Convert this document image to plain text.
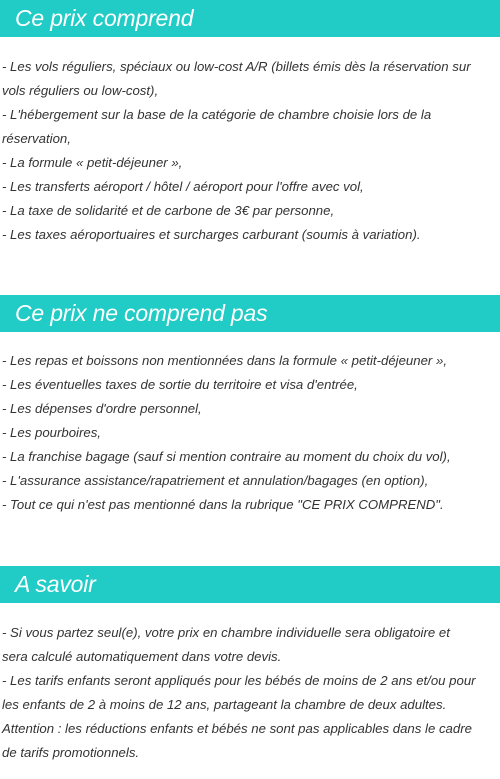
Ce prix comprend

- Les vols réguliers, spéciaux ou low-cost A/R (billets émis dès la réservation sur

vols réguliers ou low-cost),

- L'hébergement sur la base de la catégorie de chambre choisie lors de la

réservation,

- La formule « petit-déjeuner »,

- Les transferts aéroport / hôtel / aéroport pour l'offre avec vol,

- La taxe de solidarité et de carbone de 3€ par personne,

- Les taxes aéroportuaires et surcharges carburant (soumis à variation).

Ce prix ne comprend pas

- Les repas et boissons non mentionnées dans la formule « petit-déjeuner »,

- Les éventuelles taxes de sortie du territoire et visa d'entrée,

- Les dépenses d'ordre personnel,

- Les pourboires,

- La franchise bagage (sauf si mention contraire au moment du choix du vol),

- L'assurance assistance/rapatriement et annulation/bagages (en option),

- Tout ce qui n'est pas mentionné dans la rubrique "CE PRIX COMPREND".

A savoir

- Si vous partez seul(e), votre prix en chambre individuelle sera obligatoire et

sera calculé automatiquement dans votre devis.

- Les tarifs enfants seront appliqués pour les bébés de moins de 2 ans et/ou pour

les enfants de 2 à moins de 12 ans, partageant la chambre de deux adultes.

Attention : les réductions enfants et bébés ne sont pas applicables dans le cadre

de tarifs promotionnels.
